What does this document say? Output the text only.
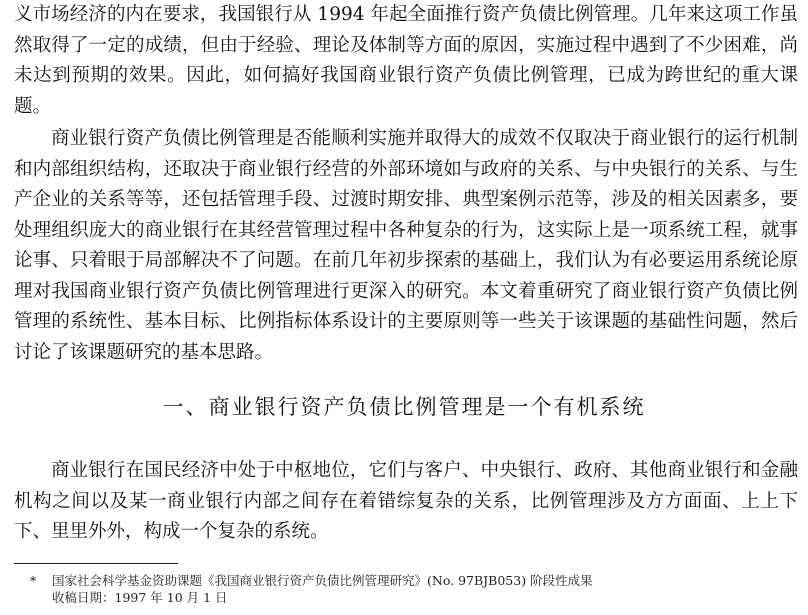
义市场经济的内在要求，我国银行从 1994 年起全面推行资产负债比例管理。几年来这项工作虽然取得了一定的成绩，但由于经验、理论及体制等方面的原因，实施过程中遇到了不少困难，尚未达到预期的效果。因此，如何搞好我国商业银行资产负债比例管理，已成为跨世纪的重大课题。

商业银行资产负债比例管理是否能顺利实施并取得大的成效不仅取决于商业银行的运行机制和内部组织结构，还取决于商业银行经营的外部环境如与政府的关系、与中央银行的关系、与生产企业的关系等等，还包括管理手段、过渡时期安排、典型案例示范等，涉及的相关因素多，要处理组织庞大的商业银行在其经营管理过程中各种复杂的行为，这实际上是一项系统工程，就事论事、只着眼于局部解决不了问题。在前几年初步探索的基础上，我们认为有必要运用系统论原理对我国商业银行资产负债比例管理进行更深入的研究。本文着重研究了商业银行资产负债比例管理的系统性、基本目标、比例指标体系设计的主要原则等一些关于该课题的基础性问题，然后讨论了该课题研究的基本思路。

一、商业银行资产负债比例管理是一个有机系统

商业银行在国民经济中处于中枢地位，它们与客户、中央银行、政府、其他商业银行和金融机构之间以及某一商业银行内部之间存在着错综复杂的关系，比例管理涉及方方面面、上上下下、里里外外，构成一个复杂的系统。

* 国家社会科学基金资助课题《我国商业银行资产负债比例管理研究》(No. 97BJB053) 阶段性成果
收稿日期：1997 年 10 月 1 日
